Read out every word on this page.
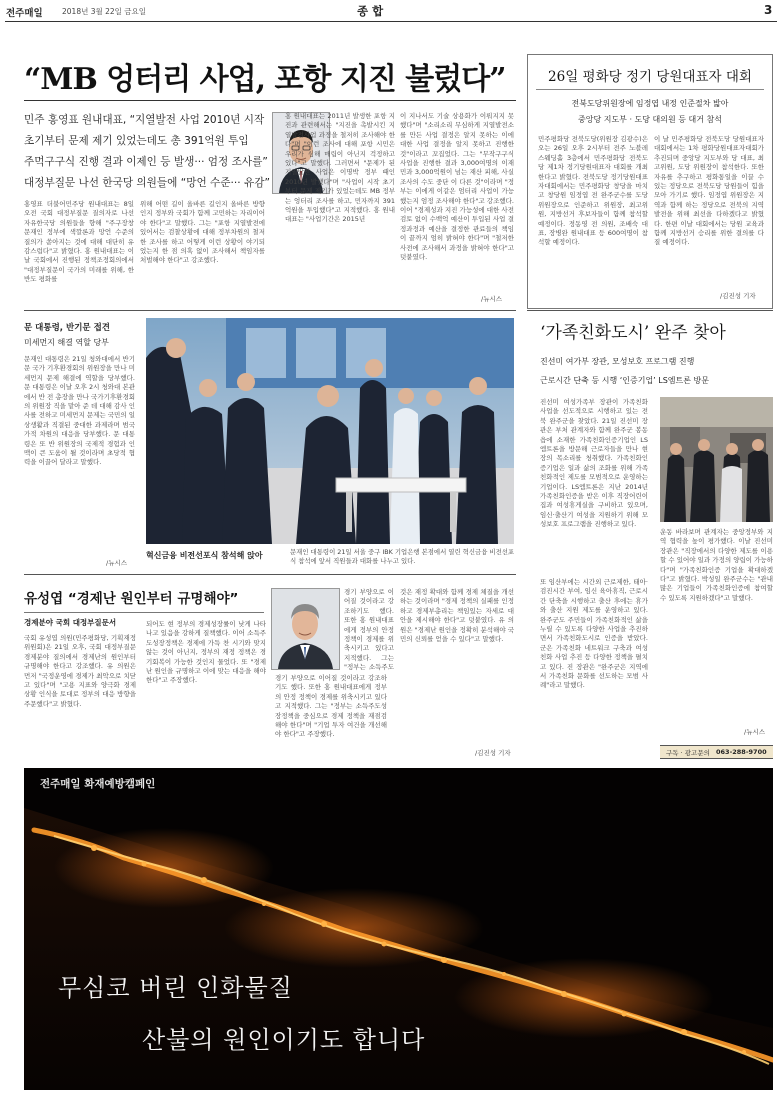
전주매일	2018년 3월 22일 금요일	종 합	3
“MB 엉터리 사업, 포항 지진 불렀다”
민주 홍영표 원내대표, “지열발전 사업 2010년 시작
초기부터 문제 제기 있었는데도 총 391억원 투입
주먹구구식 진행 결과 이제인 등 발생··· 엄정 조사를”
대정부질문 나선 한국당 의원들에 “망언 수준··· 유감”
홍 원내대표는 2011년 발생한 포항 지진과 관련해서는 "지진을 촉발시킨 지열발전사업 과정을 철저히 조사해야 한다"며 "이런 조사에 대해 포항 시민은 우리가 심해 매립이 아닌지 걱정하고 있다"고 말했다. 그러면서 "문제가 된 지열발전 사업은 이명박 정부 때인 2010년 발했다"며 "사업이 시작 초기부터 문제 제기가 있었는데도 MB 정부는 엉터리 조사를 하고, 민자까지 391억원을 투입했다"고 지적했다. 홍 원내대표는 "사업기간은 2015년
이 지나서도 기술 상용화가 이뤄지지 못했다"며 "소리소리 무심하게 지열발전소를 만든 사업 결정은 알지 못하는 이에 대한 사업 결정을 알지 못하고 진행한 것"이라고 꼬집었다. 그는 "무작구구식 사업을 진행한 결과 3,000여명의 이재민과 3,000억원이 넘는 재산 피해, 사실 조사의 수도 중단 이 다른 것"이라며 "정부는 이에게 이같은 엄터리 사업이 가능했는지 엄정 조사해야 한다"고 강조했다. 이어 "경제성과 지진 가능성에 대한 사전 검토 없이 수백억 예산이 투입된 사업 결정과정과 예산을 결정한 관료들의 책임이 끝까지 엄히 밝혀야 한다"며 "철저한 사전에 조사해서 과정을 밝혀야 한다"고 덧붙였다.
홍영표 더불어민주당 원내대표는 8일 오전 국회 대정부질문 질의자로 나선 자유한국당 의원들을 향해 "주구장창 문재인 정부에 색깔론과 망언 수준의 질의가 쏟아지는 것에 대해 대단히 유감스럽다"고 밝혔다. 홍 원내대표는 이날 국회에서 진행된 정책조정회의에서 "대정부질문이 국가의 미래를 위해, 한반도 평화를
위해 어떤 길이 올바른 길인지 올바른 방향인지 정부와 국회가 함께 고민하는 자리이어야 한다"고 말했다. 그는 "포항 지열발전에 있어서는 검찰상황에 대해 정부차원의 철저한 조사를 하고 어떻게 이런 상황이 야기되었는지 한 점 의혹 없이 조사해서 책임자를 처벌해야 한다"고 강조했다.
/뉴시스
26일 평화당 정기 당원대표자 대회
전북도당위원장에 임정엽 내정 인준절차 밟아
중앙당 지도부 · 도당 대의원 등 대거 참석
민주평화당 전북도당(위원장 김광수)은 오는 26일 오후 2시부터 전주 노블레스웨딩홀 3층에서 민주평화당 전북도당 제1차 정기당원대표자 대회를 개최한다고 밝혔다. 전북도당 정기당원대표자대회에서는 민주평화당 창당을 마치고 창당원 임정엽 전 완주군수를 도당위원장으로 인준하고 위원장, 최고위원, 지방선거 후보자들이 함께 참석할 예정이다. 정동영 전 의원, 조배숙 대표, 장병완 원내대표 등 600여명이 참석할 예정이다.
이 날 민주평화당 전북도당 당원대표자 대회에서는 1차 평화당원대표자대회가 추진되며 중앙당 지도부와 당 대표, 최고위원, 도당 위원장이 참석한다. 또한 자유를 추구하고 평화통일을 이끌 수 있는 정당으로 전북도당 당원들이 힘을 모아 가기로 했다. 임정엽 위원장은 지역과 함께 하는 정당으로 전북의 지역 발전을 위해 최선을 다하겠다고 밝혔다. 한편 이날 대회에서는 당원 교육과 함께 지방선거 승리를 위한 결의를 다질 예정이다.
/김진성 기자
문 대통령, 반기문 접견
미세먼지 해결 역할 당부
문재인 대통령은 21일 청와대에서 반기문 국가 기후환경회의 위원장을 만나 미세먼지 문제 해결에 역할을 당부했다. 문 대통령은 이날 오후 2시 청와대 본관에서 반 전 총장을 만나 국가기후환경회의 위원장 직을 맡아 준 데 대해 감사 인사를 전하고 미세먼지 문제는 국민의 일상생활과 직결된 중대한 과제라며 범국가적 차원의 대응을 당부했다. 문 대통령은 또 반 위원장의 국제적 경험과 인맥이 큰 도움이 될 것이라며 초당적 협력을 이끌어 달라고 말했다.
/뉴시스
혁신금융 비전선포식 참석해 앉아	문재인 대통령이 21일 서울 중구 IBK 기업은행 본점에서 열린 혁신금융 비전선포식 참석에 앞서 직원들과 대화를 나누고 있다.
‘가족친화도시’ 완주 찾아
진선미 여가부 장관, 모성보호 프로그램 진행
근로시간 단축 등 시행 ‘인증기업’ LS엠트론 방문
진선미 여성가족부 장관이 가족친화 사업을 선도적으로 시행하고 있는 전북 완주군을 찾았다. 21일 진선미 장관은 부처 관계자와 함께 완주군 봉동읍에 소재한 가족친화인증기업인 LS엠트론을 방문해 근로자들을 만나 현장의 목소리를 청취했다. 가족친화인증기업은 일과 삶의 조화를 위해 가족 친화적인 제도를 모범적으로 운영하는 기업이다. LS엠트론은 지난 2014년 가족친화인증을 받은 이후 직장어린이집과 여성휴게실을 구비하고 있으며, 임신·출산기 여성을 지원하기 위해 모성보호 프로그램을 진행하고 있다.
또 임산부에는 시간외 근로제한, 태아·검진시간 부여, 임신 육아휴직, 근로시간 단축을 시행하고 출산 후에는 휴가와 출산 지원 제도를 운영하고 있다. 완주군도 주민들이 가족친화적인 삶을 누릴 수 있도록 다양한 사업을 추진하면서 가족친화도시로 인증을 받았다. 군은 가족친화 네트워크 구축과 여성친화 사업 추진 등 다양한 정책을 펼치고 있다. 진 장관은 "완주군은 지역에서 가족친화 문화를 선도하는 모범 사례"라고 말했다.
운동 바라보며 관계자는 중앙정부와 지역 협력을 높이 평가했다. 이날 진선미 장관은 "직장에서의 다양한 제도를 이용할 수 있어야 일과 가정의 양립이 가능하다"며 "가족친화인증 기업을 확대하겠다"고 밝혔다. 박성일 완주군수는 "관내 많은 기업들이 가족친화인증에 참여할 수 있도록 지원하겠다"고 말했다.
/뉴시스
구독 · 광고문의 063-288-9700
유성엽 “경제난 원인부터 규명해야”
경제분야 국회 대정부질문서
국회 유성엽 의원(민주평화당, 기획재정위원회)은 21일 오후, 국회 대정부질문 경제분야 질의에서 경제난의 원인부터 규명해야 한다고 강조했다. 유 의원은 먼저 "국정운영에 경제가 최악으로 치닫고 있다"며 "고용 지표와 양극화 경제 상황 인식을 토대로 정부의 대응 방향을 주문했다"고 밝혔다.
되어도 현 정부의 경제성장률이 낮게 나타나고 있음을 강하게 질책했다. 이어 소득주도성장정책은 경제에 가득 찬 시기와 맞지 않는 것이 아닌지, 정부의 재정 정책은 경기회복이 가능한 것인지 물었다. 또 "경제난 원인을 규명하고 이에 맞는 대응을 해야 한다"고 주장했다.	경기 부양으로 이어질 것이라고 강조하기도 했다. 또한 홍 원내대표에게 정부의 안정 정책이 경제를 위축시키고 있다고 지적했다. 그는 "정부는 소득주도성장정책을 중심으로 경제 정책을 재점검해야 한다"며 "기업 투자 여건을 개선해야 한다"고 주장했다.
경기 부양으로 이어질 것이라고 강조하기도 했다. 또한 홍 원내대표에게 정부의 안정 정책이 경제를 위축시키고 있다고 지적했다. 그는 "정부는 소득주도
것은 재정 확대와 함께 경제 체질을 개선하는 것이라며 "경제 정책의 실패를 인정하고 경제부총리는 책임있는 자세로 대안을 제시해야 한다"고 덧붙였다. 유 의원은 "경제난 원인을 정확히 분석해야 국민의 신뢰를 얻을 수 있다"고 말했다.
/김진성 기자
전주매일 화재예방캠페인
무심코 버린 인화물질
산불의 원인이기도 합니다
